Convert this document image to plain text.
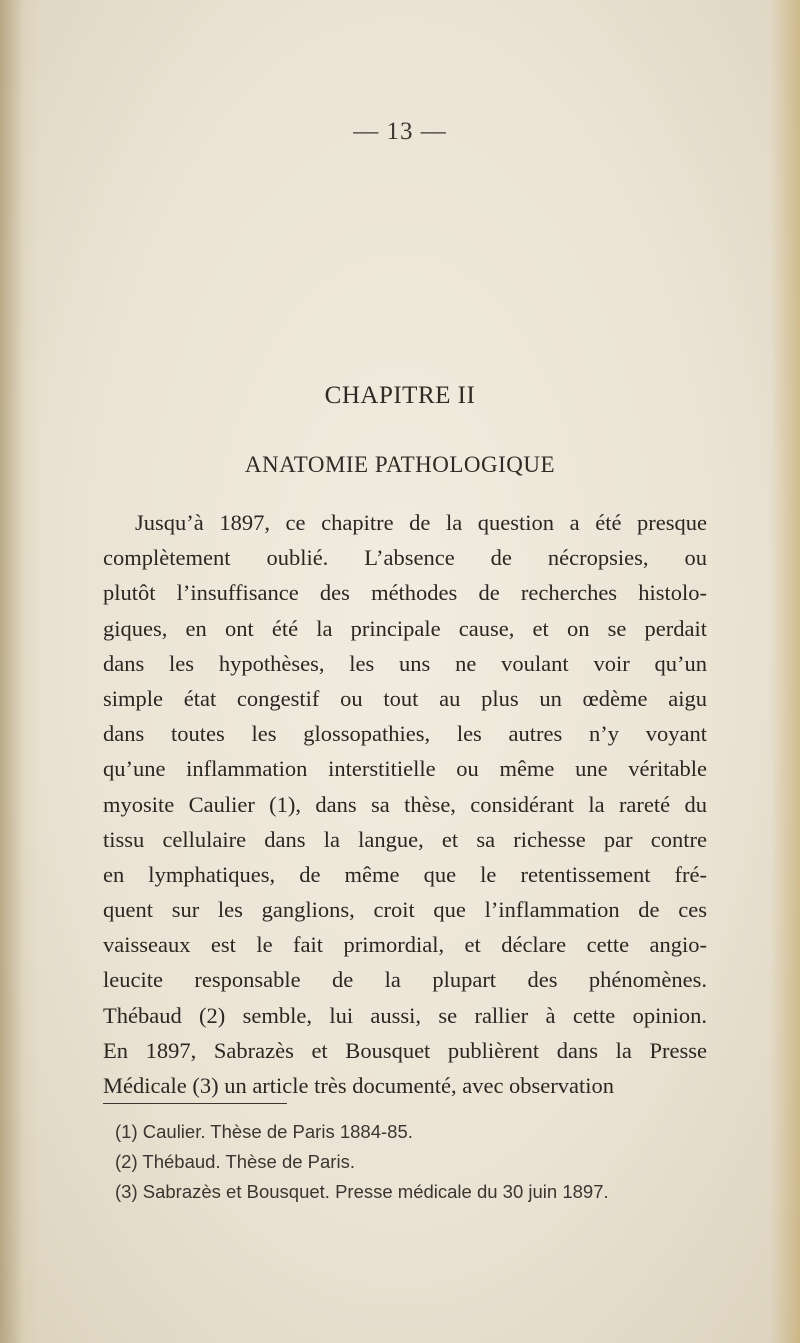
— 13 —
CHAPITRE II
ANATOMIE PATHOLOGIQUE
Jusqu’à 1897, ce chapitre de la question a été presque
complètement oublié. L’absence de nécropsies, ou
plutôt l’insuffisance des méthodes de recherches histolo-
giques, en ont été la principale cause, et on se perdait
dans les hypothèses, les uns ne voulant voir qu’un
simple état congestif ou tout au plus un œdème aigu
dans toutes les glossopathies, les autres n’y voyant
qu’une inflammation interstitielle ou même une véritable
myosite Caulier (1), dans sa thèse, considérant la rareté du
tissu cellulaire dans la langue, et sa richesse par contre
en lymphatiques, de même que le retentissement fré-
quent sur les ganglions, croit que l’inflammation de ces
vaisseaux est le fait primordial, et déclare cette angio-
leucite responsable de la plupart des phénomènes.
Thébaud (2) semble, lui aussi, se rallier à cette opinion.
En 1897, Sabrazès et Bousquet publièrent dans la Presse
Médicale (3) un article très documenté, avec observation
(1) Caulier. Thèse de Paris 1884-85.
(2) Thébaud. Thèse de Paris.
(3) Sabrazès et Bousquet. Presse médicale du 30 juin 1897.
